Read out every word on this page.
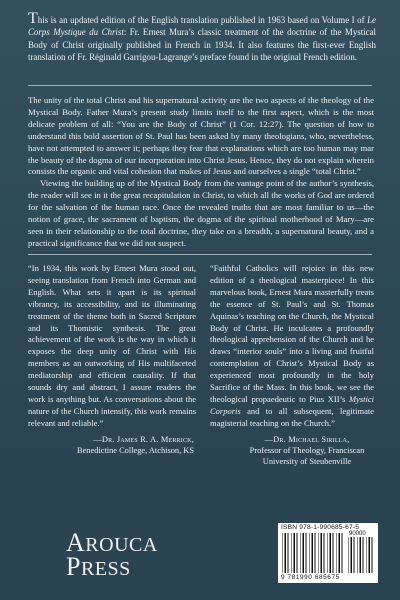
This is an updated edition of the English translation published in 1963 based on Volume I of Le Corps Mystique du Christ: Fr. Ernest Mura’s classic treatment of the doctrine of the Mystical Body of Christ originally published in French in 1934. It also features the first-ever English translation of Fr. Réginald Garrigou-Lagrange’s preface found in the original French edition.

The unity of the total Christ and his supernatural activity are the two aspects of the theology of the Mystical Body. Father Mura’s present study limits itself to the first aspect, which is the most delicate problem of all: “You are the Body of Christ” (1 Cor. 12:27). The question of how to understand this bold assertion of St. Paul has been asked by many theologians, who, nevertheless, have not attempted to answer it; perhaps they fear that explanations which are too human may mar the beauty of the dogma of our incorporation into Christ Jesus. Hence, they do not explain wherein consists the organic and vital cohesion that makes of Jesus and ourselves a single “total Christ.”

Viewing the building up of the Mystical Body from the vantage point of the author’s synthesis, the reader will see in it the great recapitulation in Christ, to which all the works of God are ordered for the salvation of the human race. Once the revealed truths that are most familiar to us—the notion of grace, the sacrament of baptism, the dogma of the spiritual motherhood of Mary—are seen in their relationship to the total doctrine, they take on a breadth, a supernatural beauty, and a practical significance that we did not suspect.

“In 1934, this work by Ernest Mura stood out, seeing translation from French into German and English. What sets it apart is its spiritual vibrancy, its accessibility, and its illuminating treatment of the theme both in Sacred Scripture and its Thomistic synthesis. The great achievement of the work is the way in which it exposes the deep unity of Christ with His members as an outworking of His multifaceted mediatorship and efficient causality. If that sounds dry and abstract, I assure readers the work is anything but. As conversations about the nature of the Church intensify, this work remains relevant and reliable.”

—Dr. James R. A. Merrick,
Benedictine College, Atchison, KS

“Faithful Catholics will rejoice in this new edition of a theological masterpiece! In this marvelous book, Ernest Mura masterfully treats the essence of St. Paul’s and St. Thomas Aquinas’s teaching on the Church, the Mystical Body of Christ. He inculcates a profoundly theological apprehension of the Church and he draws “interior souls” into a living and fruitful contemplation of Christ’s Mystical Body as experienced most profoundly in the holy Sacrifice of the Mass. In this book, we see the theological propaedeutic to Pius XII’s Mystici Corporis and to all subsequent, legitimate magisterial teaching on the Church.”

—Dr. Michael Sirilla,
Professor of Theology, Franciscan
University of Steubenville
AROUCA
PRESS
ISBN 978-1-990685-67-5
90000
9 781990 685675
